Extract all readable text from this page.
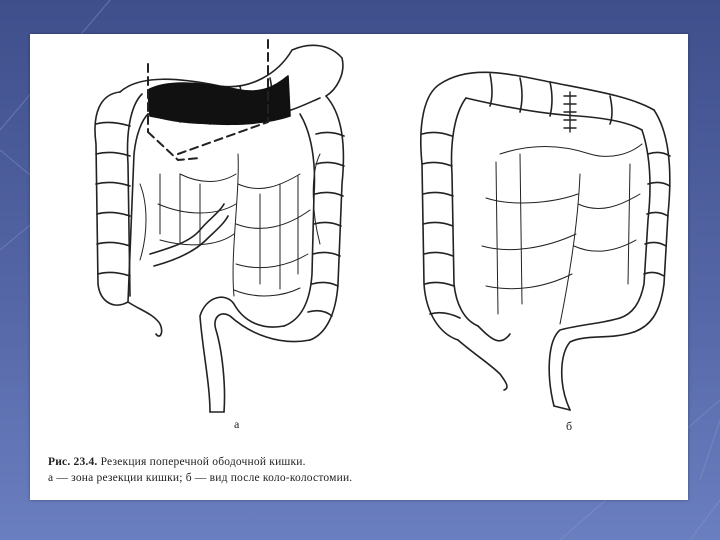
а	б
Рис. 23.4. Резекция поперечной ободочной кишки.
а — зона резекции кишки; б — вид после коло-колостомии.
